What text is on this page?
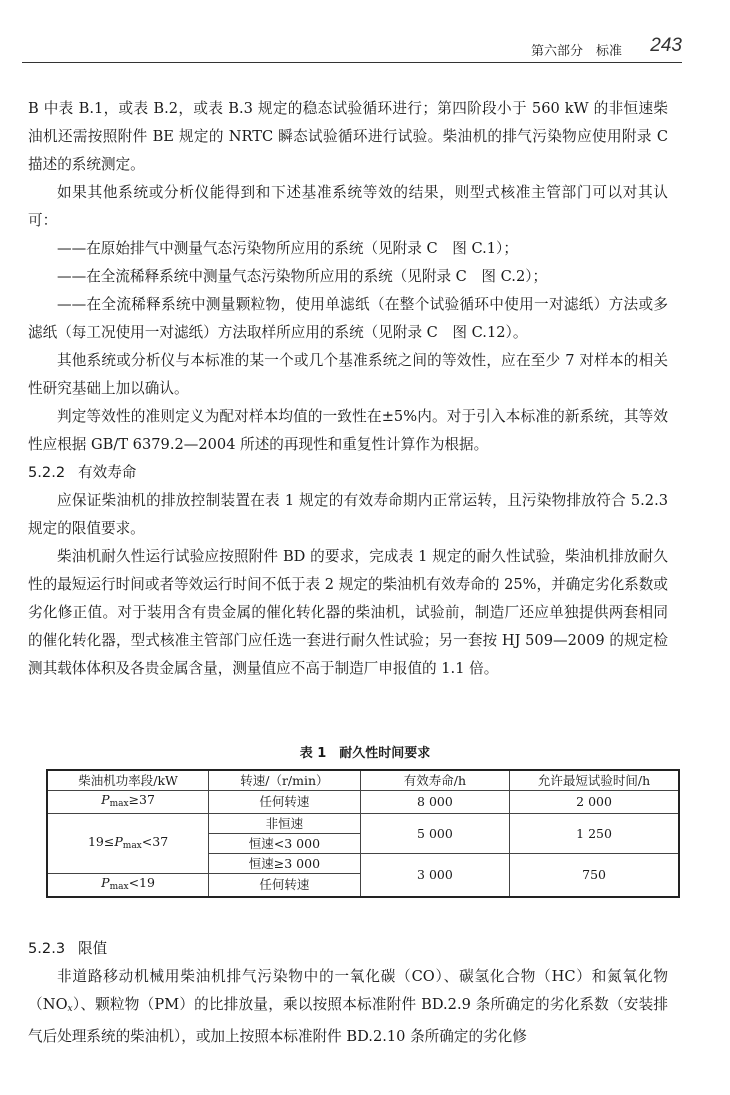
第六部分　标准 243

B 中表 B.1，或表 B.2，或表 B.3 规定的稳态试验循环进行；第四阶段小于 560 kW 的非恒速柴油机还需按照附件 BE 规定的 NRTC 瞬态试验循环进行试验。柴油机的排气污染物应使用附录 C 描述的系统测定。

如果其他系统或分析仪能得到和下述基准系统等效的结果，则型式核准主管部门可以对其认可：

——在原始排气中测量气态污染物所应用的系统（见附录 C　图 C.1）；

——在全流稀释系统中测量气态污染物所应用的系统（见附录 C　图 C.2）；

——在全流稀释系统中测量颗粒物，使用单滤纸（在整个试验循环中使用一对滤纸）方法或多滤纸（每工况使用一对滤纸）方法取样所应用的系统（见附录 C　图 C.12）。

其他系统或分析仪与本标准的某一个或几个基准系统之间的等效性，应在至少 7 对样本的相关性研究基础上加以确认。

判定等效性的准则定义为配对样本均值的一致性在±5%内。对于引入本标准的新系统，其等效性应根据 GB/T 6379.2—2004 所述的再现性和重复性计算作为根据。

5.2.2 有效寿命

应保证柴油机的排放控制装置在表 1 规定的有效寿命期内正常运转，且污染物排放符合 5.2.3 规定的限值要求。

柴油机耐久性运行试验应按照附件 BD 的要求，完成表 1 规定的耐久性试验，柴油机排放耐久性的最短运行时间或者等效运行时间不低于表 2 规定的柴油机有效寿命的 25%，并确定劣化系数或劣化修正值。对于装用含有贵金属的催化转化器的柴油机，试验前，制造厂还应单独提供两套相同的催化转化器，型式核准主管部门应任选一套进行耐久性试验；另一套按 HJ 509—2009 的规定检测其载体体积及各贵金属含量，测量值应不高于制造厂申报值的 1.1 倍。

表 1　耐久性时间要求

柴油机功率段/kW	转速/（r/min）	有效寿命/h	允许最短试验时间/h
$P_{max}\ge 37$	任何转速	8 000	2 000
$19\le P_{max}<37$	非恒速	5 000	1 250
	恒速<3 000		
	恒速≥3 000	3 000	750
$P_{max}<19$	任何转速		

5.2.3 限值

非道路移动机械用柴油机排气污染物中的一氧化碳（CO）、碳氢化合物（HC）和氮氧化物$(NO_x)$、颗粒物（PM）的比排放量，乘以按照本标准附件 BD.2.9 条所确定的劣化系数（安装排气后处理系统的柴油机），或加上按照本标准附件 BD.2.10 条所确定的劣化修
